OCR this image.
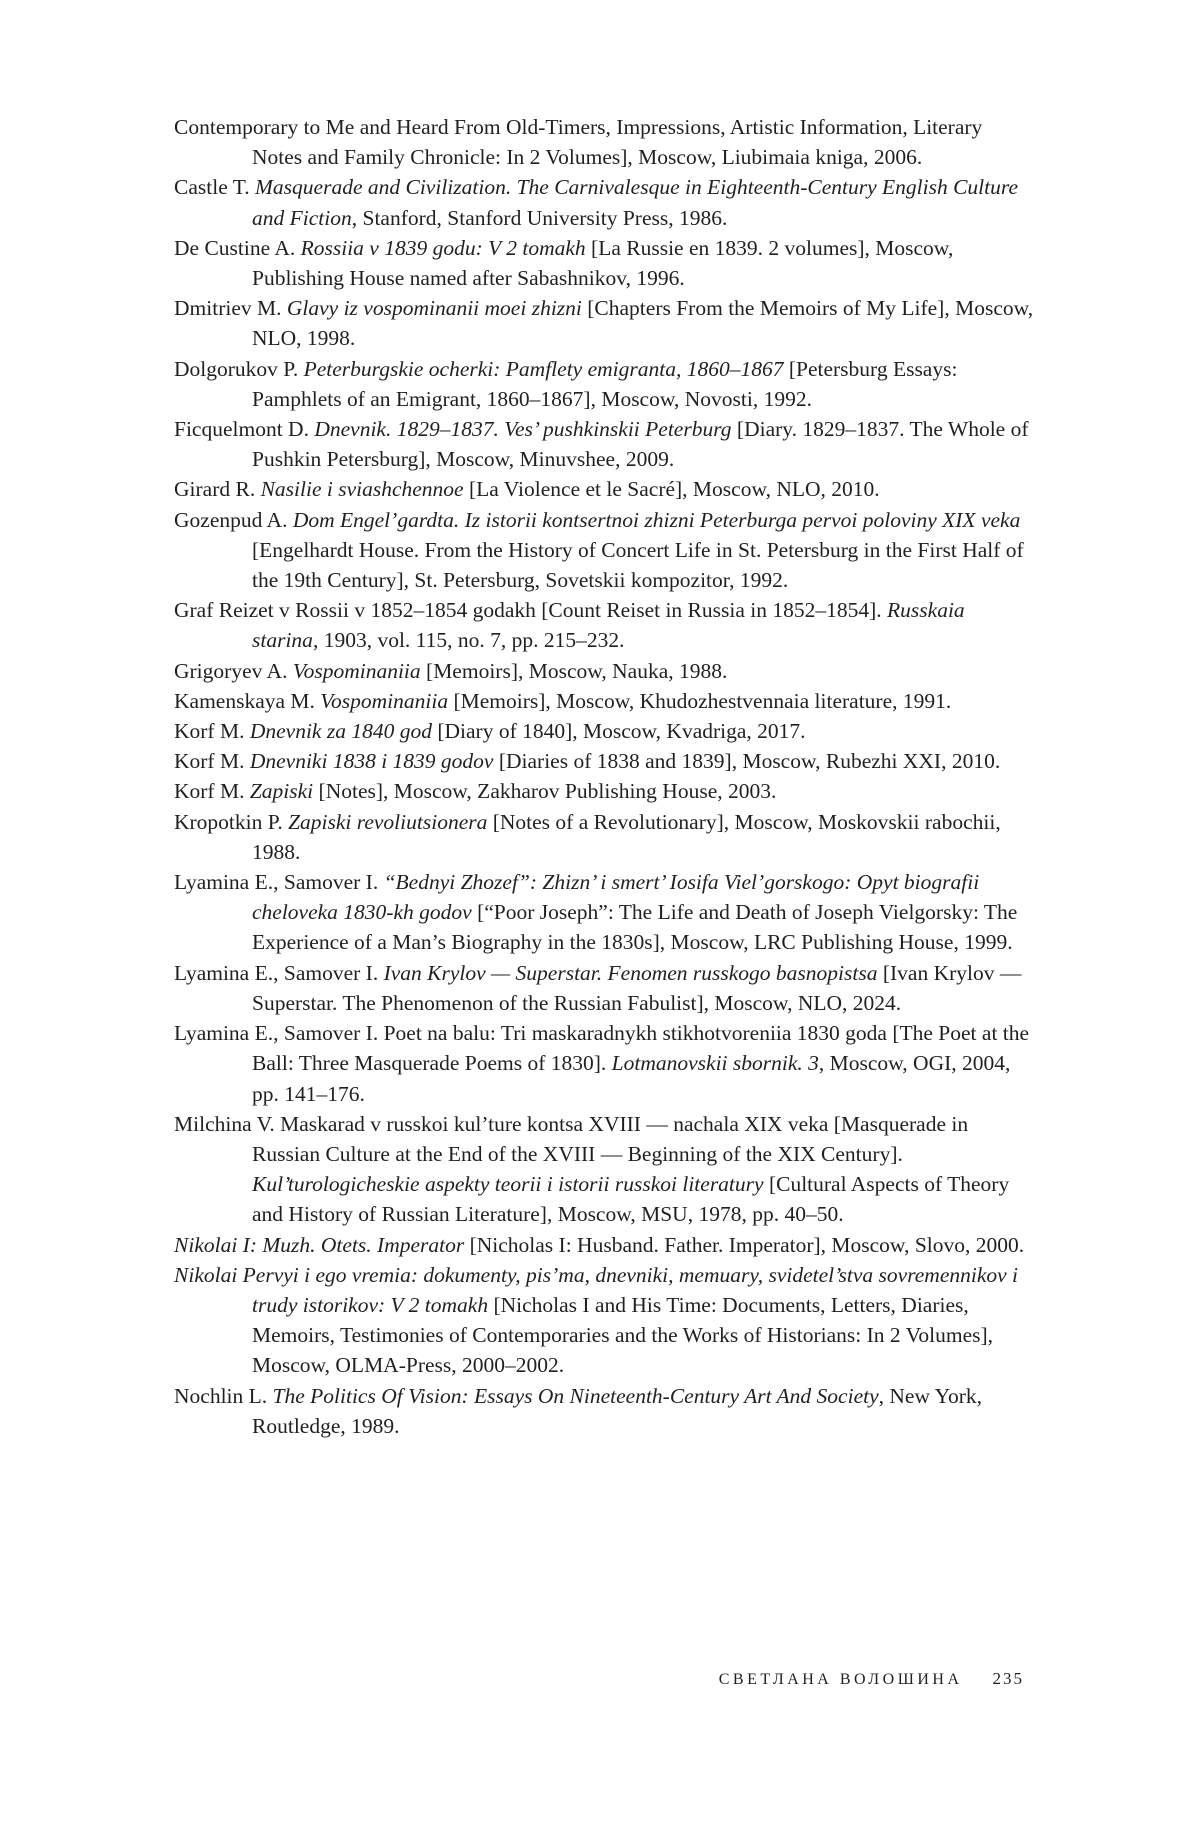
Contemporary to Me and Heard From Old-Timers, Impressions, Artistic Information, Literary Notes and Family Chronicle: In 2 Volumes], Moscow, Liubimaia kniga, 2006.

Castle T. Masquerade and Civilization. The Carnivalesque in Eighteenth-Century English Culture and Fiction, Stanford, Stanford University Press, 1986.

De Custine A. Rossiia v 1839 godu: V 2 tomakh [La Russie en 1839. 2 volumes], Moscow, Publishing House named after Sabashnikov, 1996.

Dmitriev M. Glavy iz vospominanii moei zhizni [Chapters From the Memoirs of My Life], Moscow, NLO, 1998.

Dolgorukov P. Peterburgskie ocherki: Pamflety emigranta, 1860–1867 [Petersburg Essays: Pamphlets of an Emigrant, 1860–1867], Moscow, Novosti, 1992.

Ficquelmont D. Dnevnik. 1829–1837. Ves’ pushkinskii Peterburg [Diary. 1829–1837. The Whole of Pushkin Petersburg], Moscow, Minuvshee, 2009.

Girard R. Nasilie i sviashchennoe [La Violence et le Sacré], Moscow, NLO, 2010.

Gozenpud A. Dom Engel’gardta. Iz istorii kontsertnoi zhizni Peterburga pervoi poloviny XIX veka [Engelhardt House. From the History of Concert Life in St. Petersburg in the First Half of the 19th Century], St. Petersburg, Sovetskii kompozitor, 1992.

Graf Reizet v Rossii v 1852–1854 godakh [Count Reiset in Russia in 1852–1854]. Russkaia starina, 1903, vol. 115, no. 7, pp. 215–232.

Grigoryev A. Vospominaniia [Memoirs], Moscow, Nauka, 1988.

Kamenskaya M. Vospominaniia [Memoirs], Moscow, Khudozhestvennaia literature, 1991.

Korf M. Dnevnik za 1840 god [Diary of 1840], Moscow, Kvadriga, 2017.

Korf M. Dnevniki 1838 i 1839 godov [Diaries of 1838 and 1839], Moscow, Rubezhi XXI, 2010.

Korf M. Zapiski [Notes], Moscow, Zakharov Publishing House, 2003.

Kropotkin P. Zapiski revoliutsionera [Notes of a Revolutionary], Moscow, Moskovskii rabochii, 1988.

Lyamina E., Samover I. “Bednyi Zhozef”: Zhizn’ i smert’ Iosifa Viel’gorskogo: Opyt biografii cheloveka 1830-kh godov [“Poor Joseph”: The Life and Death of Joseph Vielgorsky: The Experience of a Man’s Biography in the 1830s], Moscow, LRC Publishing House, 1999.

Lyamina E., Samover I. Ivan Krylov — Superstar. Fenomen russkogo basnopistsa [Ivan Krylov — Superstar. The Phenomenon of the Russian Fabulist], Moscow, NLO, 2024.

Lyamina E., Samover I. Poet na balu: Tri maskaradnykh stikhotvoreniia 1830 goda [The Poet at the Ball: Three Masquerade Poems of 1830]. Lotmanovskii sbornik. 3, Moscow, OGI, 2004, pp. 141–176.

Milchina V. Maskarad v russkoi kul’ture kontsa XVIII — nachala XIX veka [Masquerade in Russian Culture at the End of the XVIII — Beginning of the XIX Century]. Kul’turologicheskie aspekty teorii i istorii russkoi literatury [Cultural Aspects of Theory and History of Russian Literature], Moscow, MSU, 1978, pp. 40–50.

Nikolai I: Muzh. Otets. Imperator [Nicholas I: Husband. Father. Imperator], Moscow, Slovo, 2000.

Nikolai Pervyi i ego vremia: dokumenty, pis’ma, dnevniki, memuary, svidetel’stva sovremennikov i trudy istorikov: V 2 tomakh [Nicholas I and His Time: Documents, Letters, Diaries, Memoirs, Testimonies of Contemporaries and the Works of Historians: In 2 Volumes], Moscow, OLMA-Press, 2000–2002.

Nochlin L. The Politics Of Vision: Essays On Nineteenth-Century Art And Society, New York, Routledge, 1989.

СВЕТЛАНА ВОЛОШИНА 235
